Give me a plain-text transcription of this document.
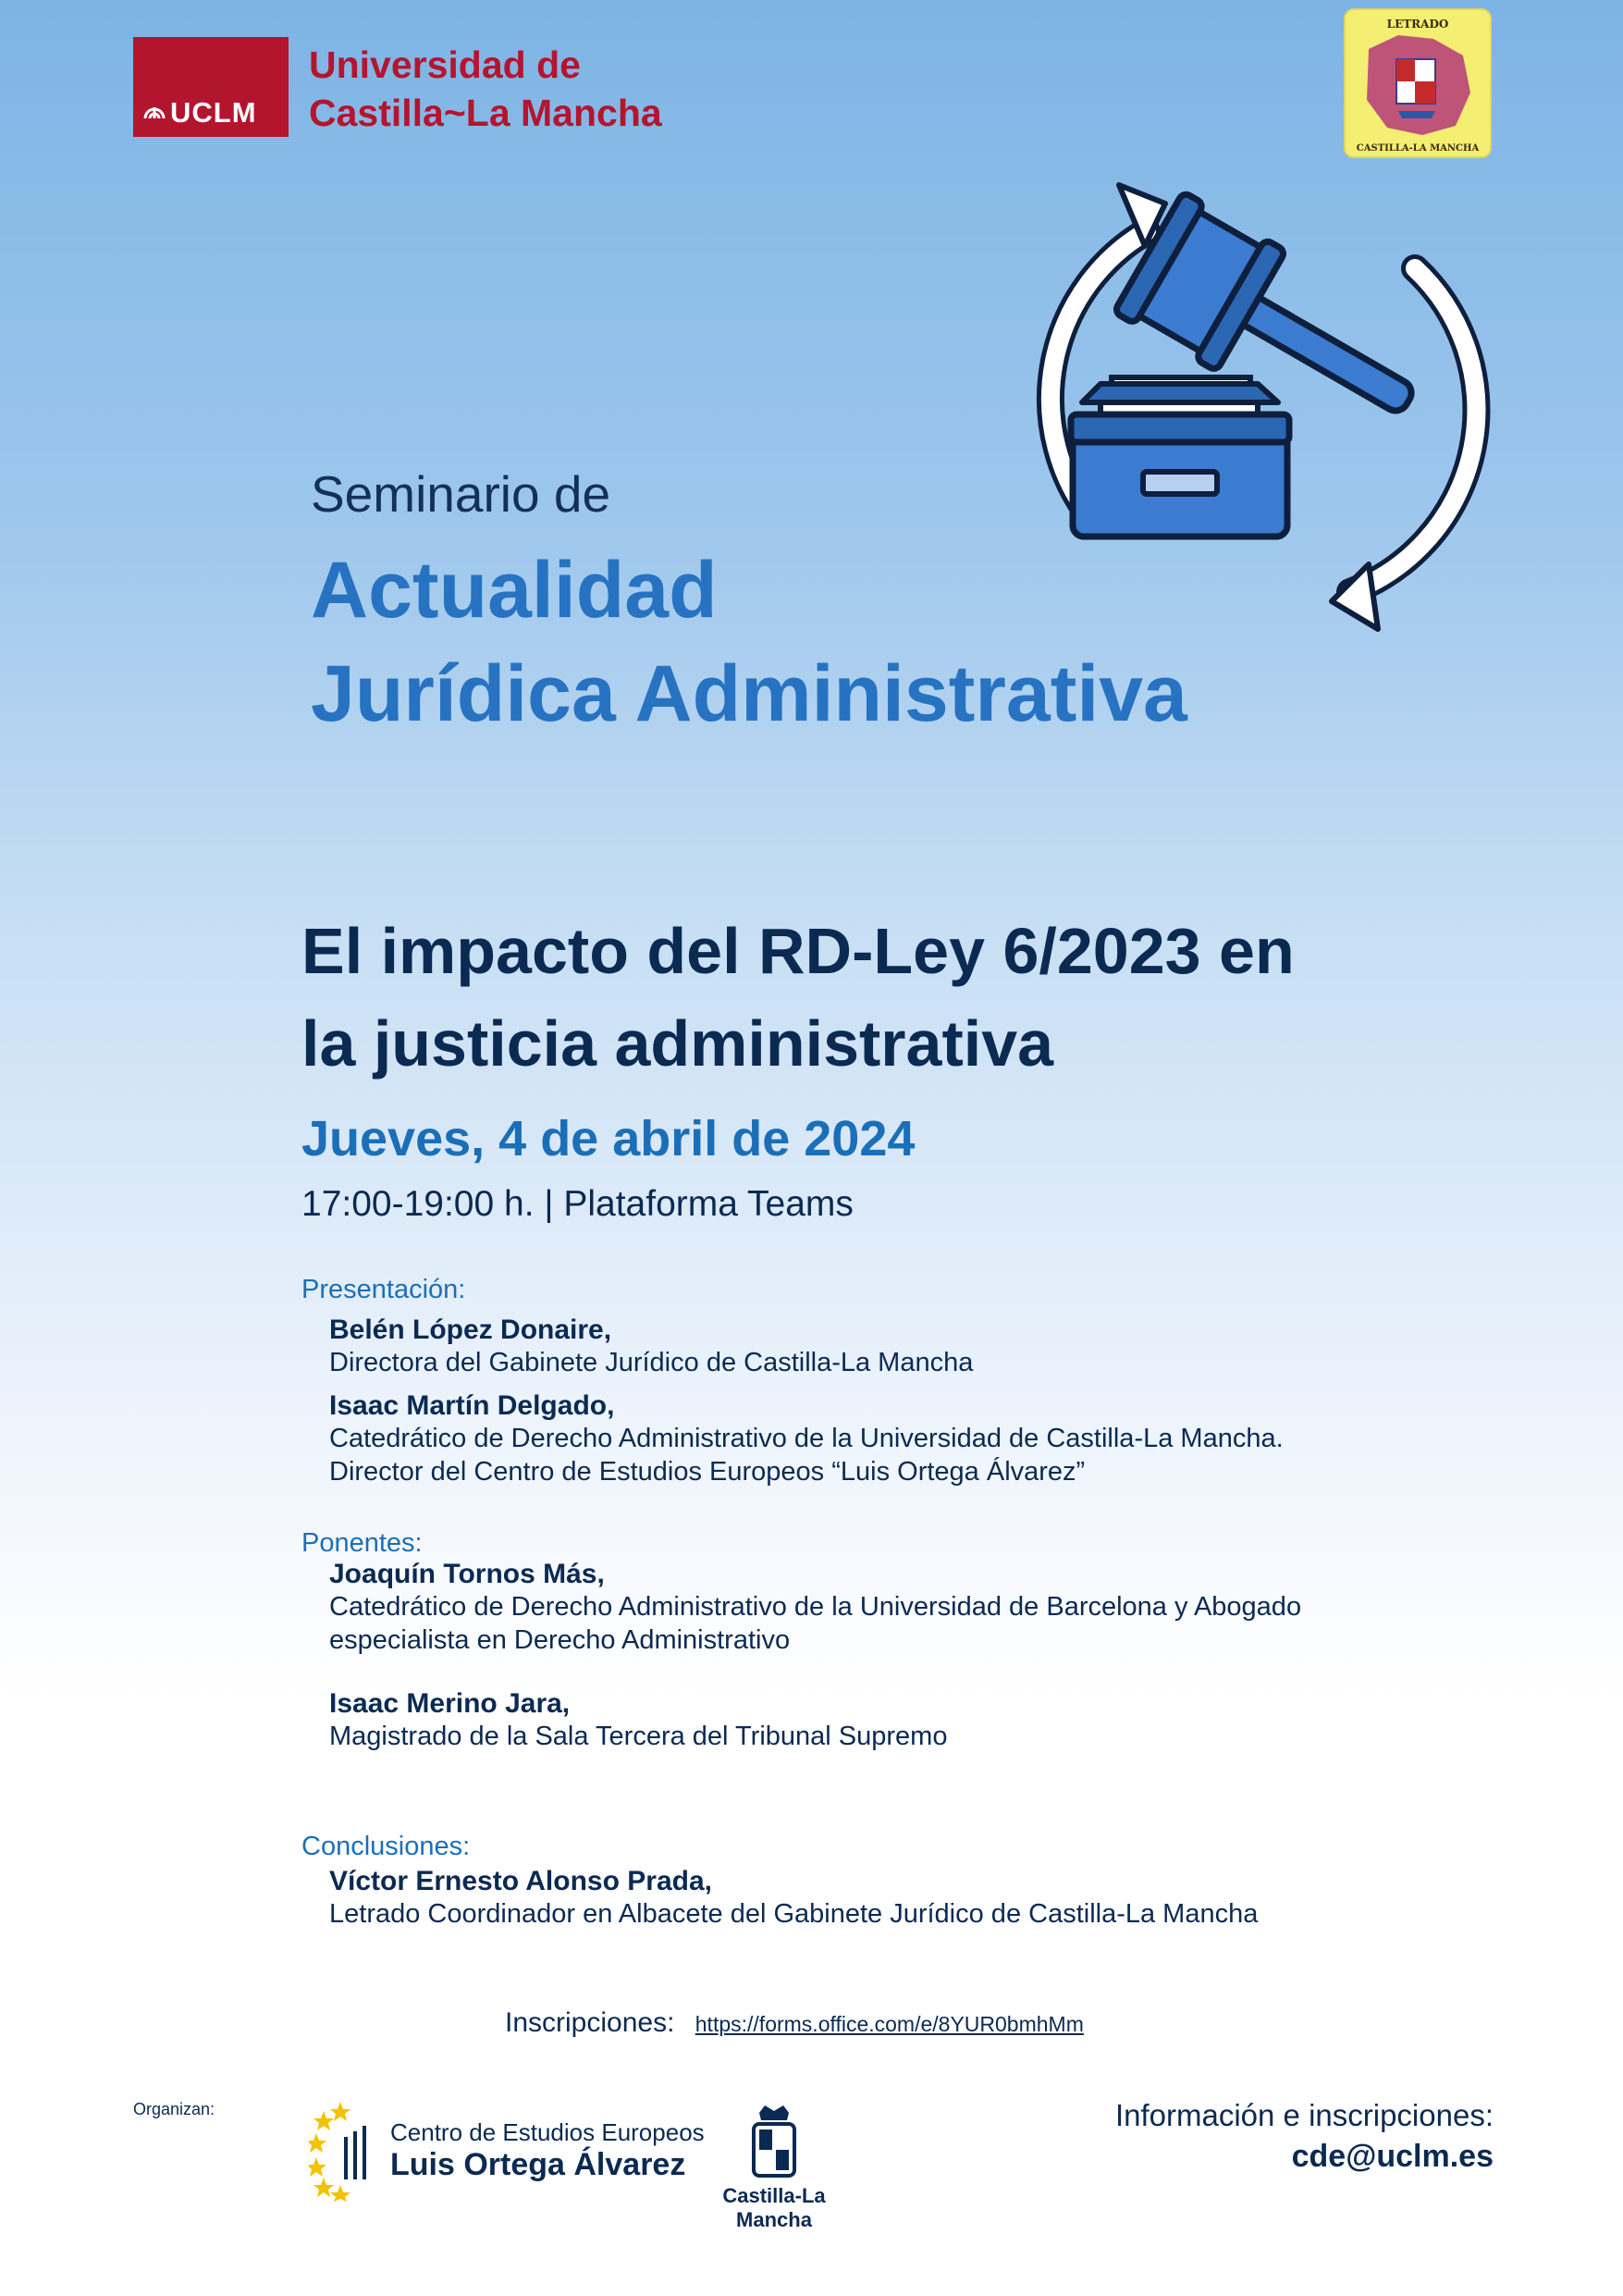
UCLM
Universidad de
Castilla~La Mancha
LETRADO
CASTILLA-LA MANCHA
Seminario de
Actualidad
Jurídica Administrativa
El impacto del RD-Ley 6/2023 en
la justicia administrativa
Jueves, 4 de abril de 2024
17:00-19:00 h. | Plataforma Teams
Presentación:
Belén López Donaire,
Directora del Gabinete Jurídico de Castilla-La Mancha
Isaac Martín Delgado,
Catedrático de Derecho Administrativo de la Universidad de Castilla-La Mancha.
Director del Centro de Estudios Europeos “Luis Ortega Álvarez”
Ponentes:
Joaquín Tornos Más,
Catedrático de Derecho Administrativo de la Universidad de Barcelona y Abogado
especialista en Derecho Administrativo
Isaac Merino Jara,
Magistrado de la Sala Tercera del Tribunal Supremo
Conclusiones:
Víctor Ernesto Alonso Prada,
Letrado Coordinador en Albacete del Gabinete Jurídico de Castilla-La Mancha
Inscripciones: https://forms.office.com/e/8YUR0bmhMm
Organizan:
Centro de Estudios Europeos
Luis Ortega Álvarez
Castilla-La Mancha
Información e inscripciones:
cde@uclm.es
